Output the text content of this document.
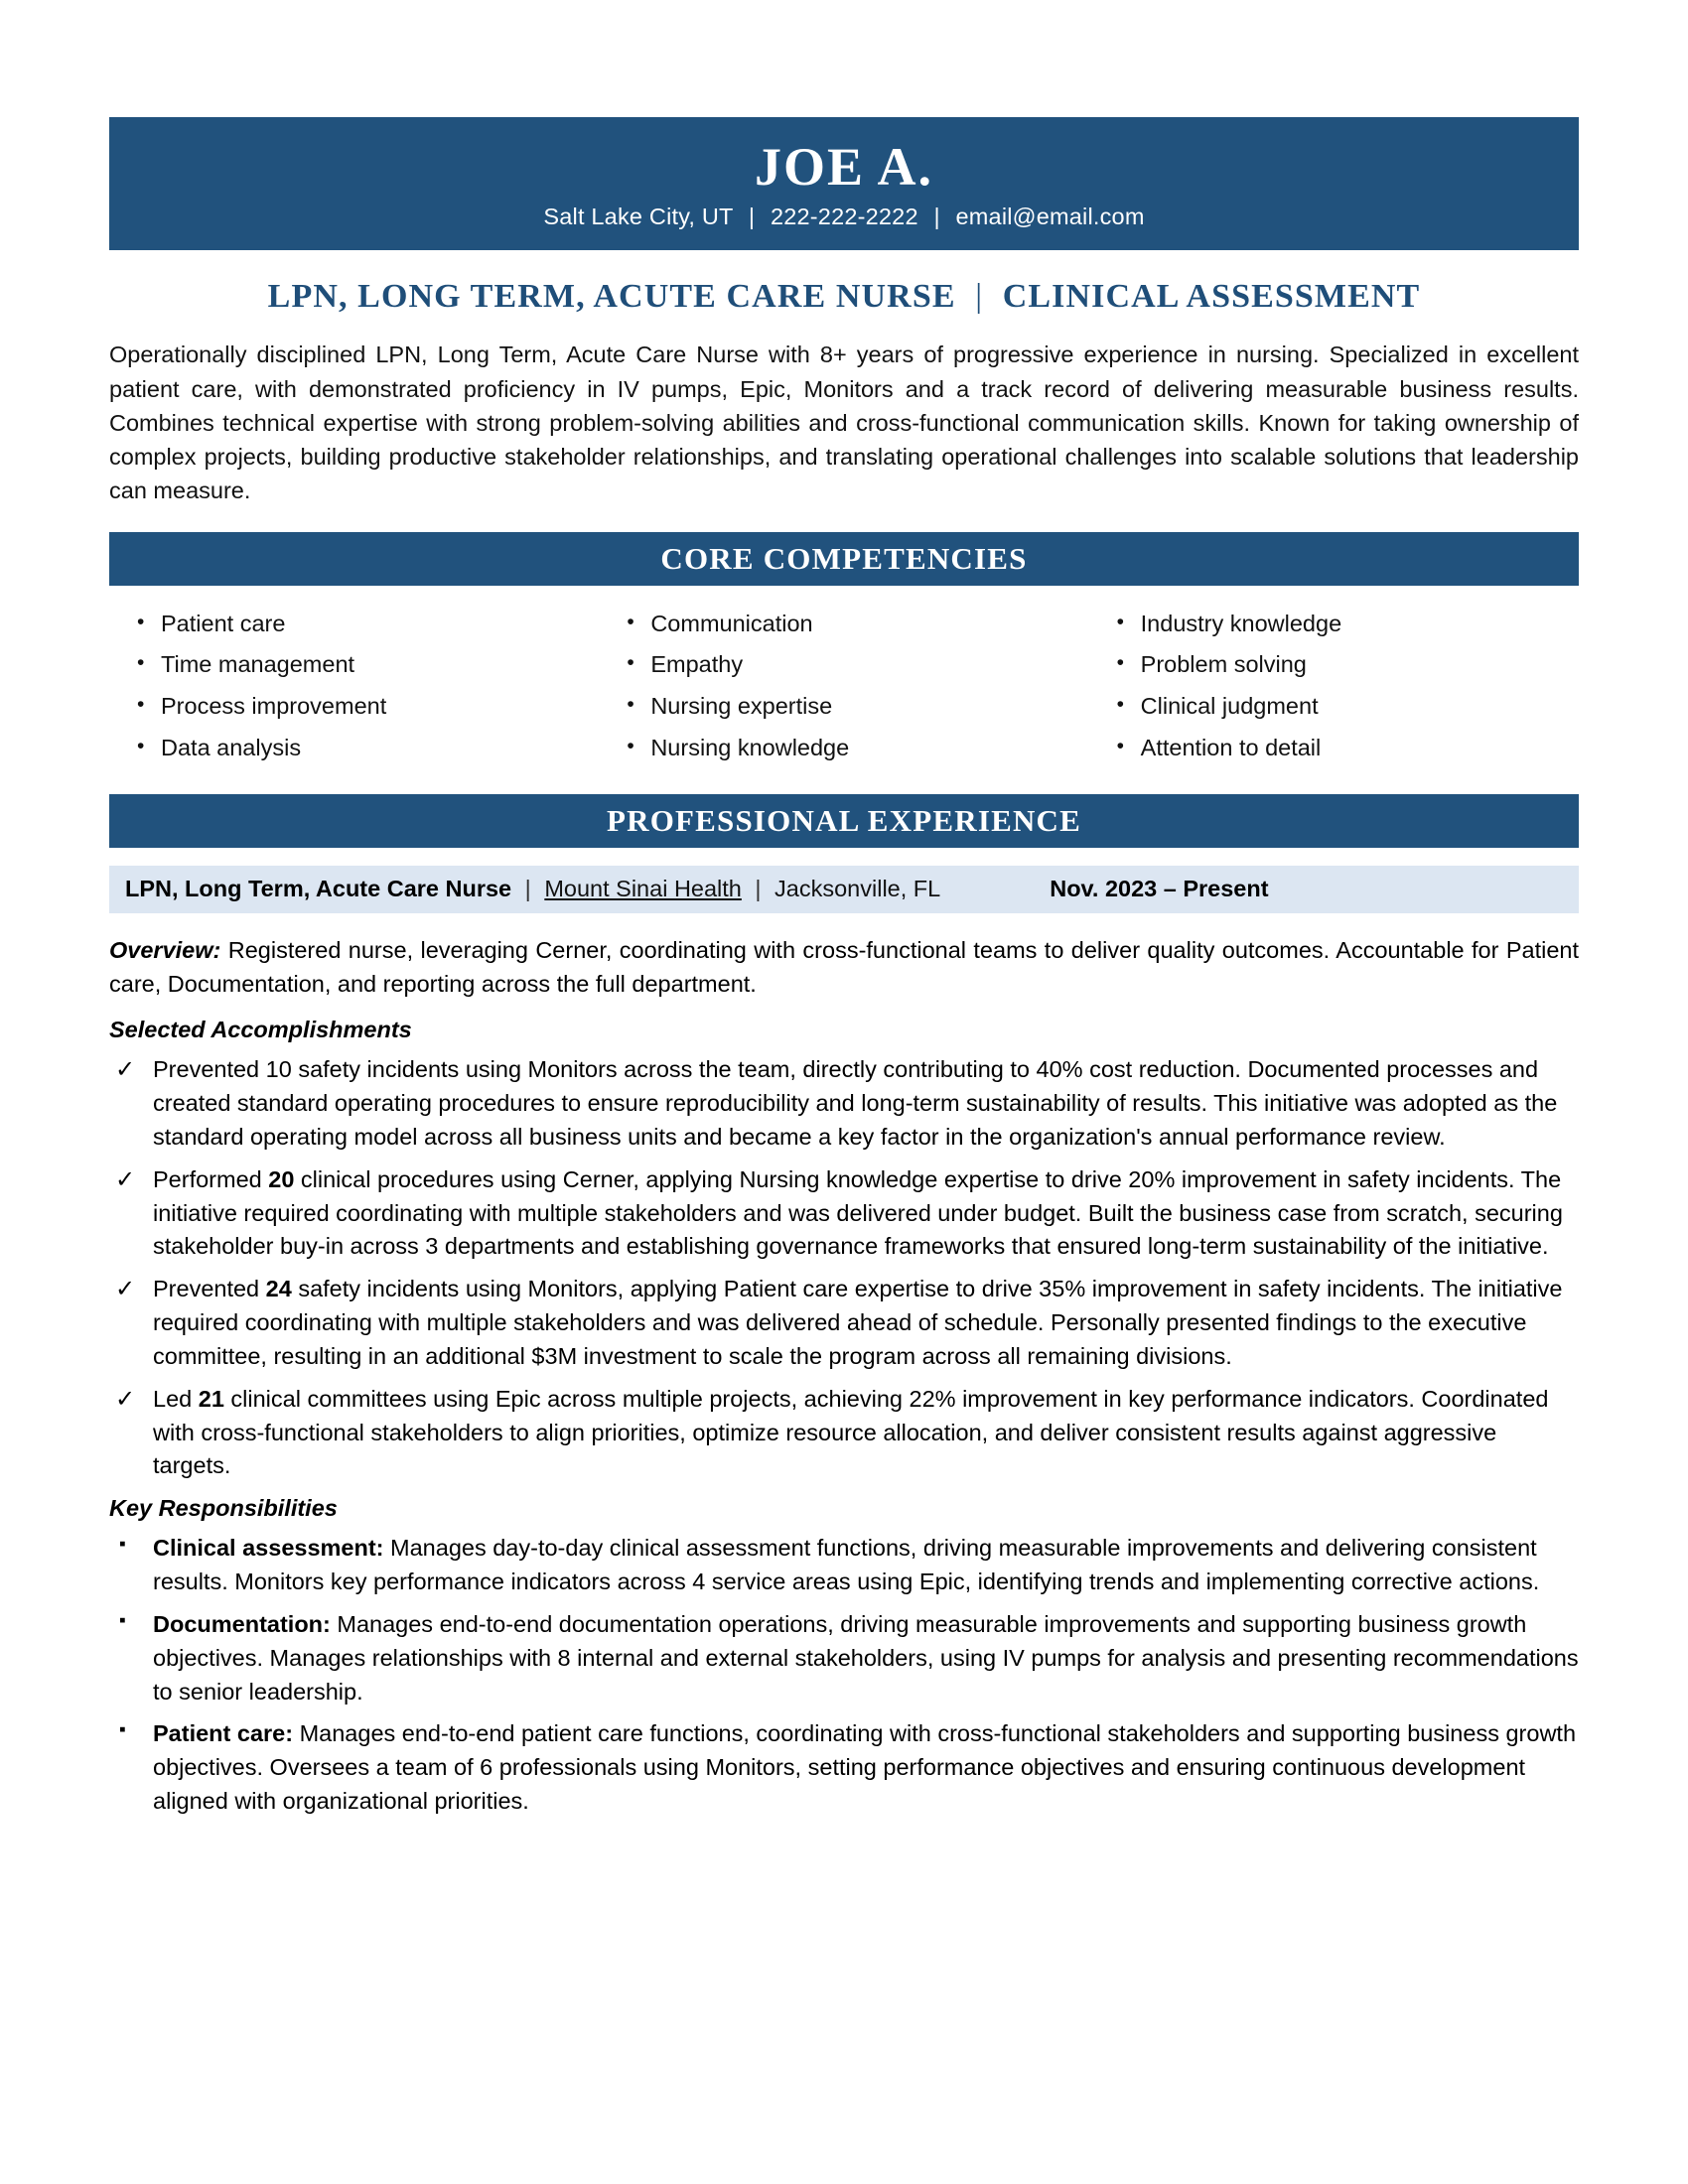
JOE A.
Salt Lake City, UT | 222-222-2222 | email@email.com
LPN, LONG TERM, ACUTE CARE NURSE | CLINICAL ASSESSMENT
Operationally disciplined LPN, Long Term, Acute Care Nurse with 8+ years of progressive experience in nursing. Specialized in excellent patient care, with demonstrated proficiency in IV pumps, Epic, Monitors and a track record of delivering measurable business results. Combines technical expertise with strong problem-solving abilities and cross-functional communication skills. Known for taking ownership of complex projects, building productive stakeholder relationships, and translating operational challenges into scalable solutions that leadership can measure.
CORE COMPETENCIES
• Patient care
• Time management
• Process improvement
• Data analysis
• Communication
• Empathy
• Nursing expertise
• Nursing knowledge
• Industry knowledge
• Problem solving
• Clinical judgment
• Attention to detail
PROFESSIONAL EXPERIENCE
LPN, Long Term, Acute Care Nurse | Mount Sinai Health | Jacksonville, FL	Nov. 2023 – Present
Overview: Registered nurse, leveraging Cerner, coordinating with cross-functional teams to deliver quality outcomes. Accountable for Patient care, Documentation, and reporting across the full department.
Selected Accomplishments
✓ Prevented 10 safety incidents using Monitors across the team, directly contributing to 40% cost reduction. Documented processes and created standard operating procedures to ensure reproducibility and long-term sustainability of results. This initiative was adopted as the standard operating model across all business units and became a key factor in the organization's annual performance review.
✓ Performed 20 clinical procedures using Cerner, applying Nursing knowledge expertise to drive 20% improvement in safety incidents. The initiative required coordinating with multiple stakeholders and was delivered under budget. Built the business case from scratch, securing stakeholder buy-in across 3 departments and establishing governance frameworks that ensured long-term sustainability of the initiative.
✓ Prevented 24 safety incidents using Monitors, applying Patient care expertise to drive 35% improvement in safety incidents. The initiative required coordinating with multiple stakeholders and was delivered ahead of schedule. Personally presented findings to the executive committee, resulting in an additional $3M investment to scale the program across all remaining divisions.
✓ Led 21 clinical committees using Epic across multiple projects, achieving 22% improvement in key performance indicators. Coordinated with cross-functional stakeholders to align priorities, optimize resource allocation, and deliver consistent results against aggressive targets.
Key Responsibilities
▪ Clinical assessment: Manages day-to-day clinical assessment functions, driving measurable improvements and delivering consistent results. Monitors key performance indicators across 4 service areas using Epic, identifying trends and implementing corrective actions.
▪ Documentation: Manages end-to-end documentation operations, driving measurable improvements and supporting business growth objectives. Manages relationships with 8 internal and external stakeholders, using IV pumps for analysis and presenting recommendations to senior leadership.
▪ Patient care: Manages end-to-end patient care functions, coordinating with cross-functional stakeholders and supporting business growth objectives. Oversees a team of 6 professionals using Monitors, setting performance objectives and ensuring continuous development aligned with organizational priorities.
